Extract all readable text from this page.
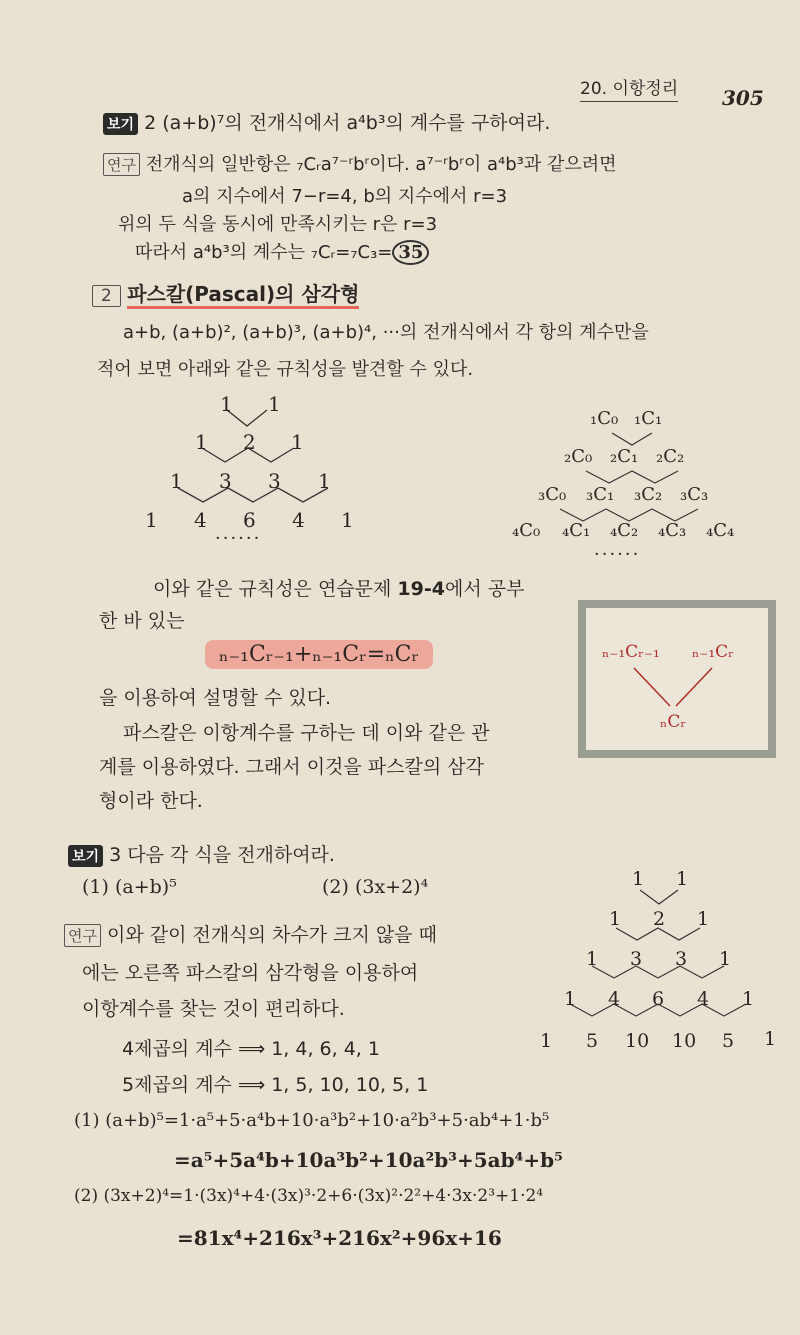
20. 이항정리 305
보기 2 (a+b)⁷의 전개식에서 a⁴b³의 계수를 구하여라.
연구 전개식의 일반항은 ₇Cᵣa⁷⁻ʳbʳ이다. a⁷⁻ʳbʳ이 a⁴b³과 같으려면
a의 지수에서 7−r=4, b의 지수에서 r=3
위의 두 식을 동시에 만족시키는 r은 r=3
따라서 a⁴b³의 계수는 ₇Cᵣ=₇C₃= 35
2 파스칼(Pascal)의 삼각형
a+b, (a+b)², (a+b)³, (a+b)⁴, ···의 전개식에서 각 항의 계수만을
적어 보면 아래와 같은 규칙성을 발견할 수 있다.
1 1
1 2 1
1 3 3 1
1 4 6 4 1
······
₁C₀ ₁C₁
₂C₀ ₂C₁ ₂C₂
₃C₀ ₃C₁ ₃C₂ ₃C₃
₄C₀ ₄C₁ ₄C₂ ₄C₃ ₄C₄
······
이와 같은 규칙성은 연습문제 19-4에서 공부
한 바 있는
ₙ₋₁Cᵣ₋₁+ₙ₋₁Cᵣ=ₙCᵣ
을 이용하여 설명할 수 있다.
파스칼은 이항계수를 구하는 데 이와 같은 관
계를 이용하였다. 그래서 이것을 파스칼의 삼각
형이라 한다.
ₙ₋₁Cᵣ₋₁ ₙ₋₁Cᵣ
ₙCᵣ
보기 3 다음 각 식을 전개하여라.
(1) (a+b)⁵	(2) (3x+2)⁴
연구 이와 같이 전개식의 차수가 크지 않을 때
에는 오른쪽 파스칼의 삼각형을 이용하여
이항계수를 찾는 것이 편리하다.
4제곱의 계수 ⟹ 1, 4, 6, 4, 1
5제곱의 계수 ⟹ 1, 5, 10, 10, 5, 1
1 1
1 2 1
1 3 3 1
1 4 6 4 1
1 5 10 10 5 1
(1) (a+b)⁵=1·a⁵+5·a⁴b+10·a³b²+10·a²b³+5·ab⁴+1·b⁵
=a⁵+5a⁴b+10a³b²+10a²b³+5ab⁴+b⁵
(2) (3x+2)⁴=1·(3x)⁴+4·(3x)³·2+6·(3x)²·2²+4·3x·2³+1·2⁴
=81x⁴+216x³+216x²+96x+16
